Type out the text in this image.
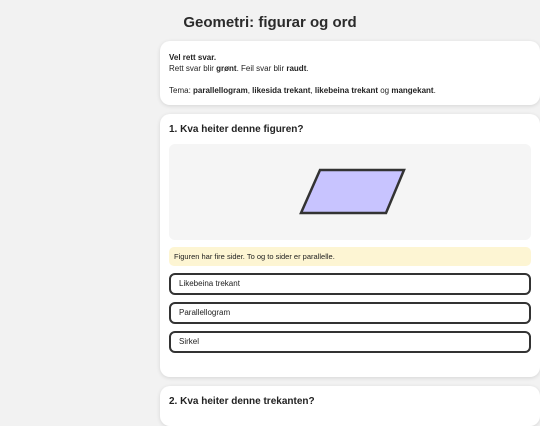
Geometri: figurar og ord

Vel rett svar.

Rett svar blir grønt. Feil svar blir raudt.

Tema: parallellogram, likesida trekant, likebeina trekant og mangekant.

1. Kva heiter denne figuren?
Figuren har fire sider. To og to sider er parallelle.
Likebeina trekant
Parallellogram
Sirkel
2. Kva heiter denne trekanten?
